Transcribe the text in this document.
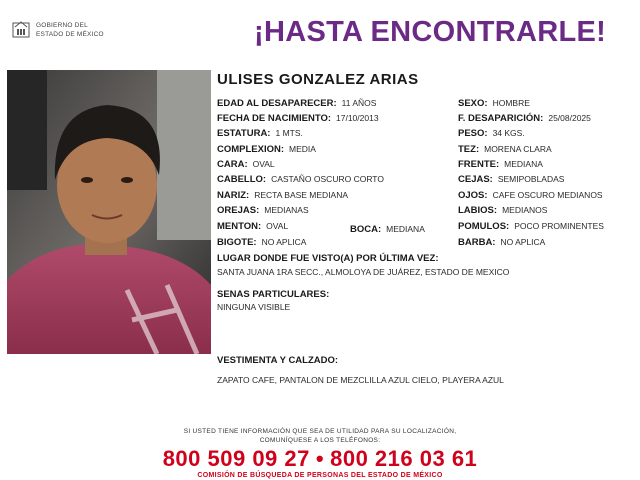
GOBIERNO DEL
ESTADO DE MÉXICO	¡HASTA ENCONTRARLE!
ULISES GONZALEZ ARIAS
EDAD AL DESAPARECER: 11 AÑOS
FECHA DE NACIMIENTO: 17/10/2013
ESTATURA: 1 MTS.
COMPLEXION: MEDIA
CARA: OVAL
CABELLO: CASTAÑO OSCURO CORTO
NARIZ: RECTA BASE MEDIANA
OREJAS: MEDIANAS
MENTON: OVAL	BOCA: MEDIANA
BIGOTE: NO APLICA
SEXO: HOMBRE
F. DESAPARICIÓN: 25/08/2025
PESO: 34 KGS.
TEZ: MORENA CLARA
FRENTE: MEDIANA
CEJAS: SEMIPOBLADAS
OJOS: CAFE OSCURO MEDIANOS
LABIOS: MEDIANOS
POMULOS: POCO PROMINENTES
BARBA: NO APLICA
LUGAR DONDE FUE VISTO(A) POR ÚLTIMA VEZ:
SANTA JUANA 1RA SECC., ALMOLOYA DE JUÁREZ, ESTADO DE MEXICO
SENAS PARTICULARES:
NINGUNA VISIBLE
VESTIMENTA Y CALZADO:
ZAPATO CAFE, PANTALON DE MEZCLILLA AZUL CIELO, PLAYERA AZUL
SI USTED TIENE INFORMACIÓN QUE SEA DE UTILIDAD PARA SU LOCALIZACIÓN,
COMUNÍQUESE A LOS TELÉFONOS:
800 509 09 27 • 800 216 03 61
COMISIÓN DE BÚSQUEDA DE PERSONAS DEL ESTADO DE MÉXICO
